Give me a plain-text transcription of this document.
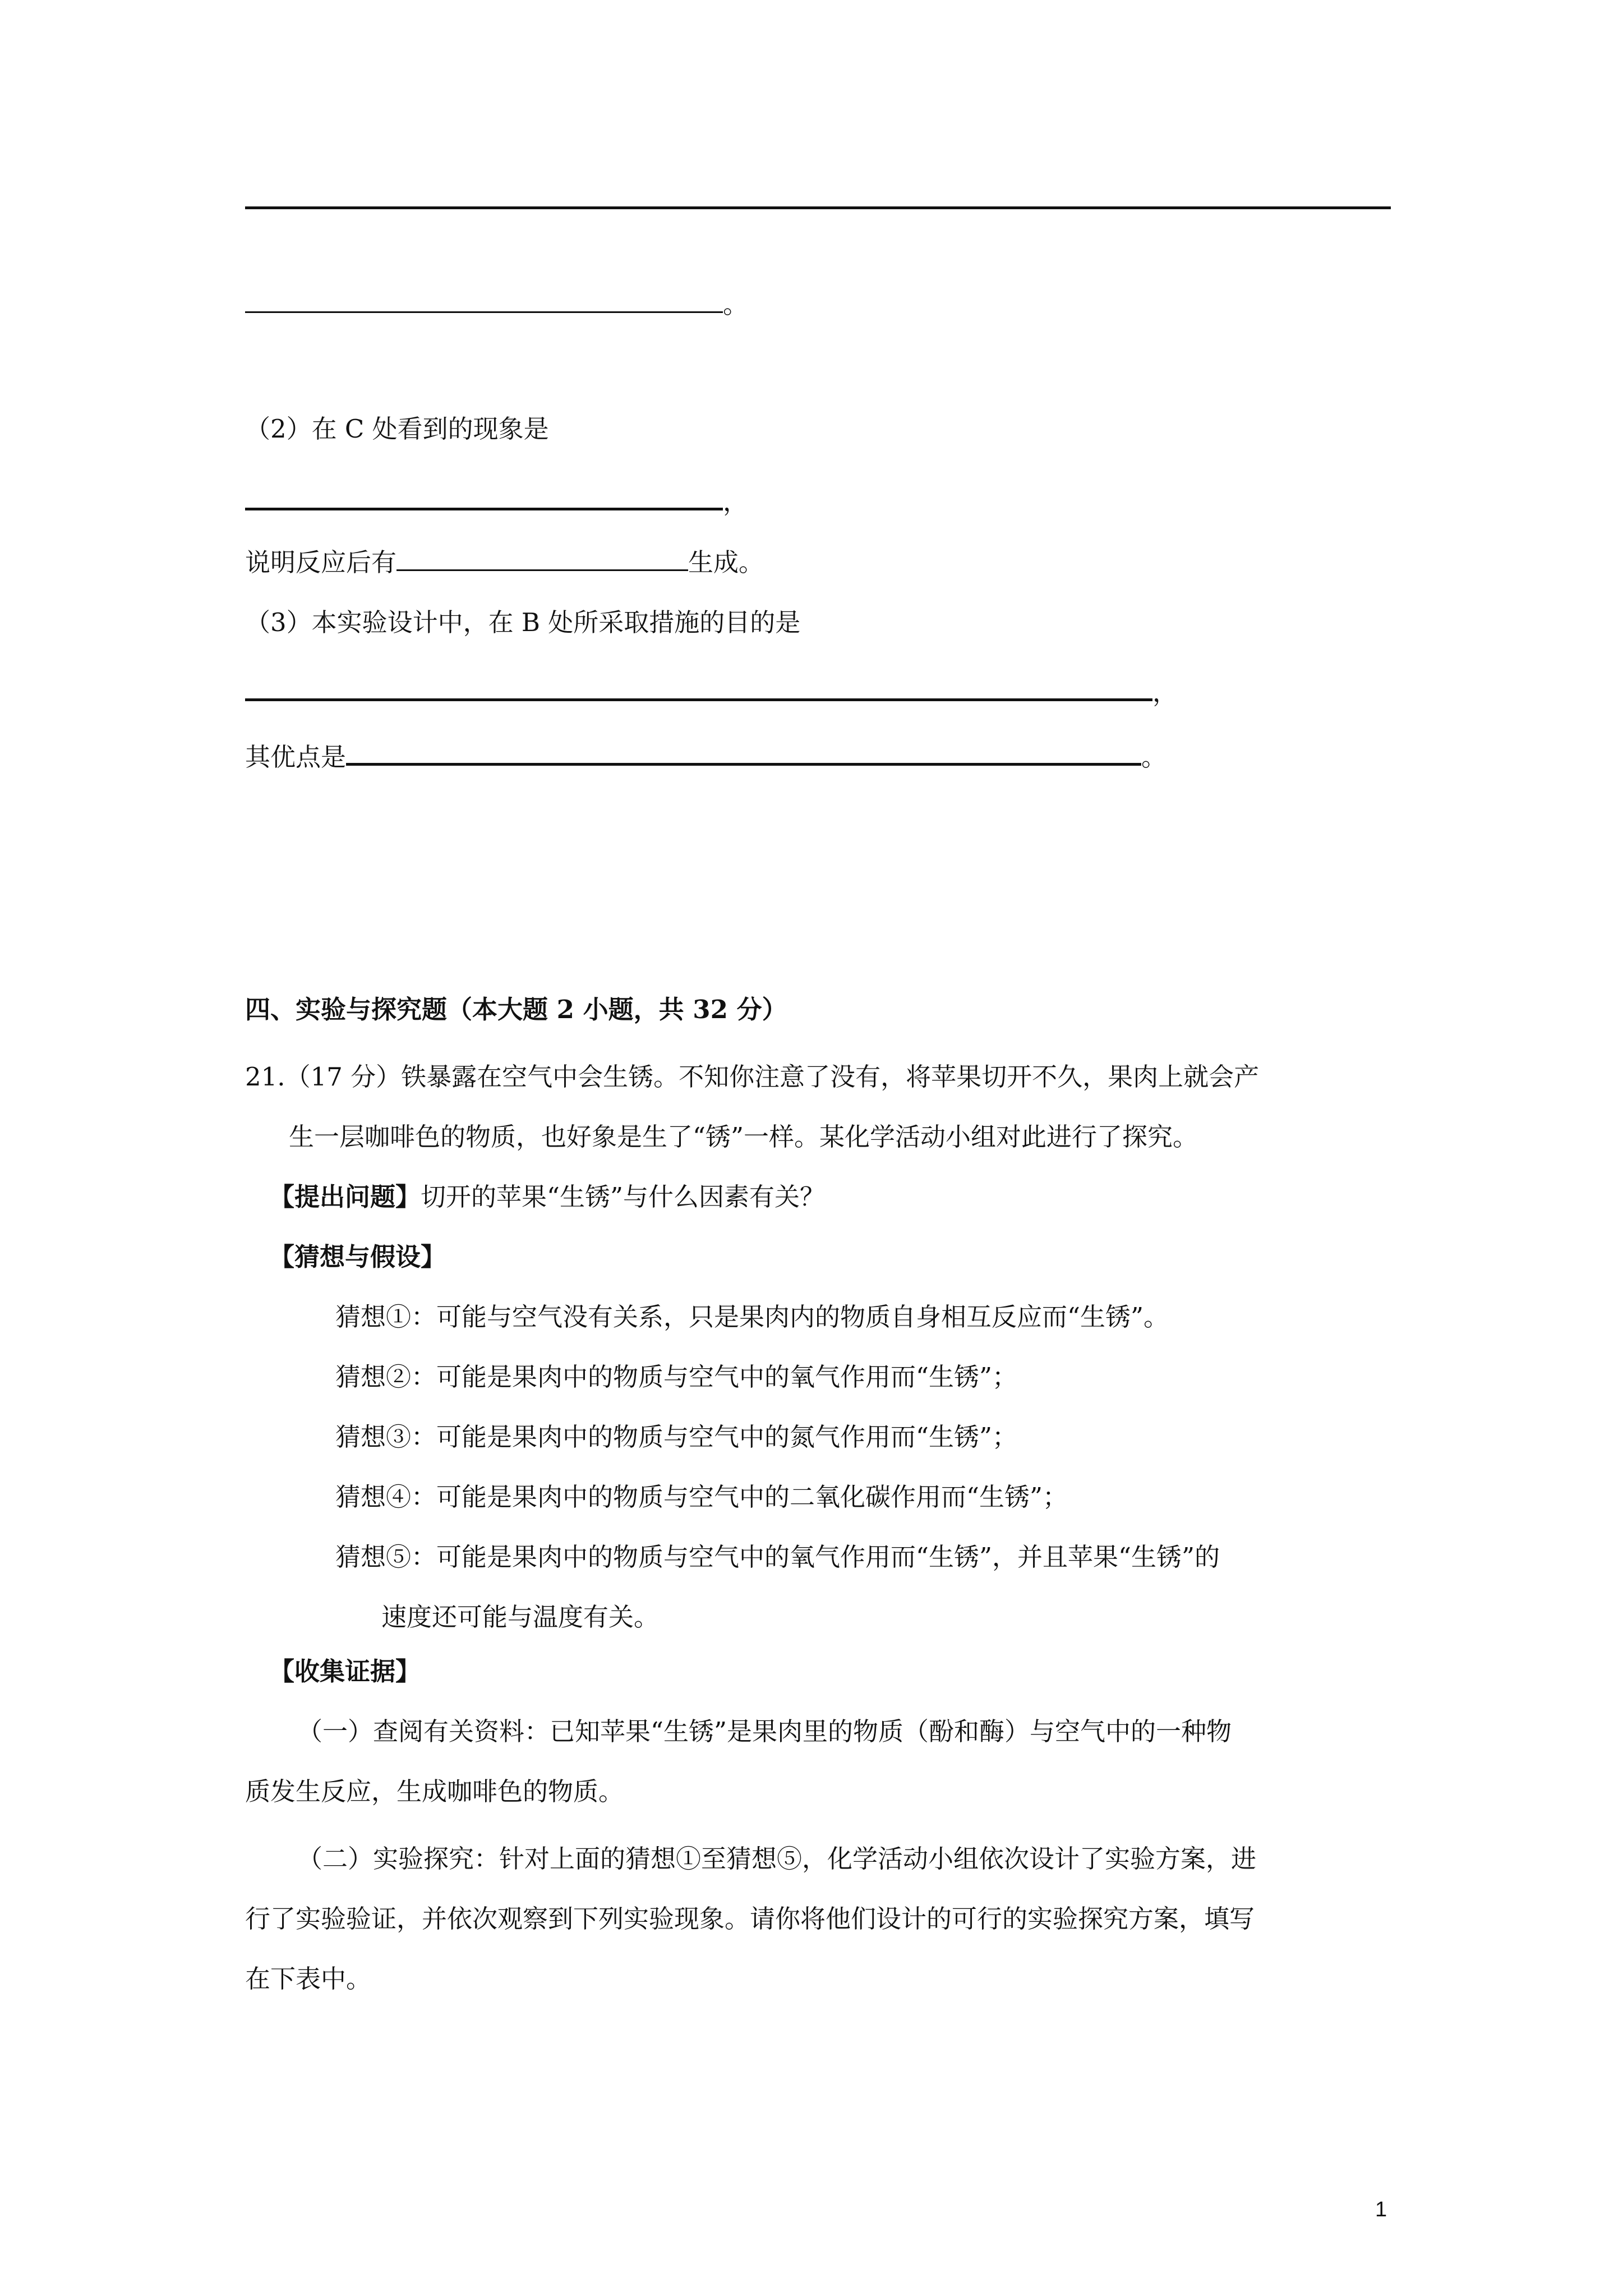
。
（2）在 C 处看到的现象是
，
说明反应后有	生成。
（3）本实验设计中，在 B 处所采取措施的目的是
，
其优点是	。
四、实验与探究题（本大题 2 小题，共 32 分）
21.（17 分）铁暴露在空气中会生锈。不知你注意了没有，将苹果切开不久，果肉上就会产
生一层咖啡色的物质，也好象是生了“锈”一样。某化学活动小组对此进行了探究。
【提出问题】切开的苹果“生锈”与什么因素有关？
【猜想与假设】
猜想①：可能与空气没有关系，只是果肉内的物质自身相互反应而“生锈”。
猜想②：可能是果肉中的物质与空气中的氧气作用而“生锈”；
猜想③：可能是果肉中的物质与空气中的氮气作用而“生锈”；
猜想④：可能是果肉中的物质与空气中的二氧化碳作用而“生锈”；
猜想⑤：可能是果肉中的物质与空气中的氧气作用而“生锈”，并且苹果“生锈”的
速度还可能与温度有关。
【收集证据】
（一）查阅有关资料：已知苹果“生锈”是果肉里的物质（酚和酶）与空气中的一种物
质发生反应，生成咖啡色的物质。
（二）实验探究：针对上面的猜想①至猜想⑤，化学活动小组依次设计了实验方案，进
行了实验验证，并依次观察到下列实验现象。请你将他们设计的可行的实验探究方案，填写
在下表中。
1
